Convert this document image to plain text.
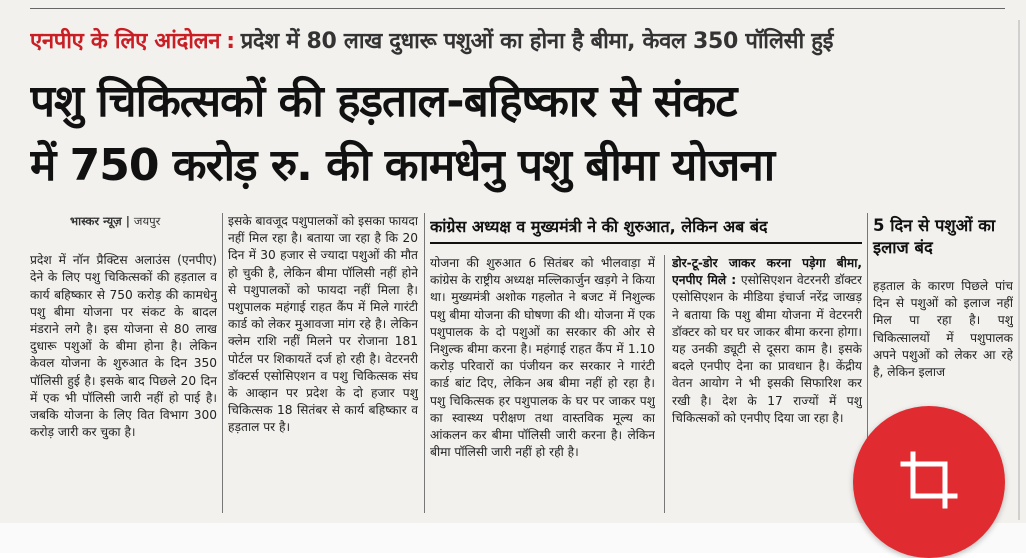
एनपीए के लिए आंदोलन : प्रदेश में 80 लाख दुधारू पशुओं का होना है बीमा, केवल 350 पॉलिसी हुई
पशु चिकित्सकों की हड़ताल-बहिष्कार से संकट
में 750 करोड़ रु. की कामधेनु पशु बीमा योजना
भास्कर न्यूज़ | जयपुर
प्रदेश में नॉन प्रैक्टिस अलाउंस (एनपीए) देने के लिए पशु चिकित्सकों की हड़ताल व कार्य बहिष्कार से 750 करोड़ की कामधेनु पशु बीमा योजना पर संकट के बादल मंडराने लगे है। इस योजना से 80 लाख दुधारू पशुओं के बीमा होना है। लेकिन केवल योजना के शुरुआत के दिन 350 पॉलिसी हुई है। इसके बाद पिछले 20 दिन में एक भी पॉलिसी जारी नहीं हो पाई है। जबकि योजना के लिए वित विभाग 300 करोड़ जारी कर चुका है।
इसके बावजूद पशुपालकों को इसका फायदा नहीं मिल रहा है। बताया जा रहा है कि 20 दिन में 30 हजार से ज्यादा पशुओं की मौत हो चुकी है, लेकिन बीमा पॉलिसी नहीं होने से पशुपालकों को फायदा नहीं मिला है। पशुपालक महंगाई राहत कैंप में मिले गारंटी कार्ड को लेकर मुआवजा मांग रहे है। लेकिन क्लेम राशि नहीं मिलने पर रोजाना 181 पोर्टल पर शिकायतें दर्ज हो रही है। वेटरनरी डॉक्टर्स एसोसिएशन व पशु चिकित्सक संघ के आव्हान पर प्रदेश के दो हजार पशु चिकित्सक 18 सितंबर से कार्य बहिष्कार व हड़ताल पर है।
कांग्रेस अध्यक्ष व मुख्यमंत्री ने की शुरुआत, लेकिन अब बंद
योजना की शुरुआत 6 सितंबर को भीलवाड़ा में कांग्रेस के राष्ट्रीय अध्यक्ष मल्लिकार्जुन खड़गे ने किया था। मुख्यमंत्री अशोक गहलोत ने बजट में निशुल्क पशु बीमा योजना की घोषणा की थी। योजना में एक पशुपालक के दो पशुओं का सरकार की ओर से निशुल्क बीमा करना है। महंगाई राहत कैंप में 1.10 करोड़ परिवारों का पंजीयन कर सरकार ने गारंटी कार्ड बांट दिए, लेकिन अब बीमा नहीं हो रहा है। पशु चिकित्सक हर पशुपालक के घर पर जाकर पशु का स्वास्थ्य परीक्षण तथा वास्तविक मूल्य का आंकलन कर बीमा पॉलिसी जारी करना है। लेकिन बीमा पॉलिसी जारी नहीं हो रही है।
डोर-टू-डोर जाकर करना पड़ेगा बीमा, एनपीए मिले : एसोसिएशन वेटरनरी डॉक्टर एसोसिएशन के मीडिया इंचार्ज नरेंद्र जाखड़ ने बताया कि पशु बीमा योजना में वेटरनरी डॉक्टर को घर घर जाकर बीमा करना होगा। यह उनकी ड्यूटी से दूसरा काम है। इसके बदले एनपीए देना का प्रावधान है। केंद्रीय वेतन आयोग ने भी इसकी सिफारिश कर रखी है। देश के 17 राज्यों में पशु चिकित्सकों को एनपीए दिया जा रहा है।
5 दिन से पशुओं का इलाज बंद
हड़ताल के कारण पिछले पांच दिन से पशुओं को इलाज नहीं मिल पा रहा है। पशु चिकित्सालयों में पशुपालक अपने पशुओं को लेकर आ रहे है, लेकिन इलाज
